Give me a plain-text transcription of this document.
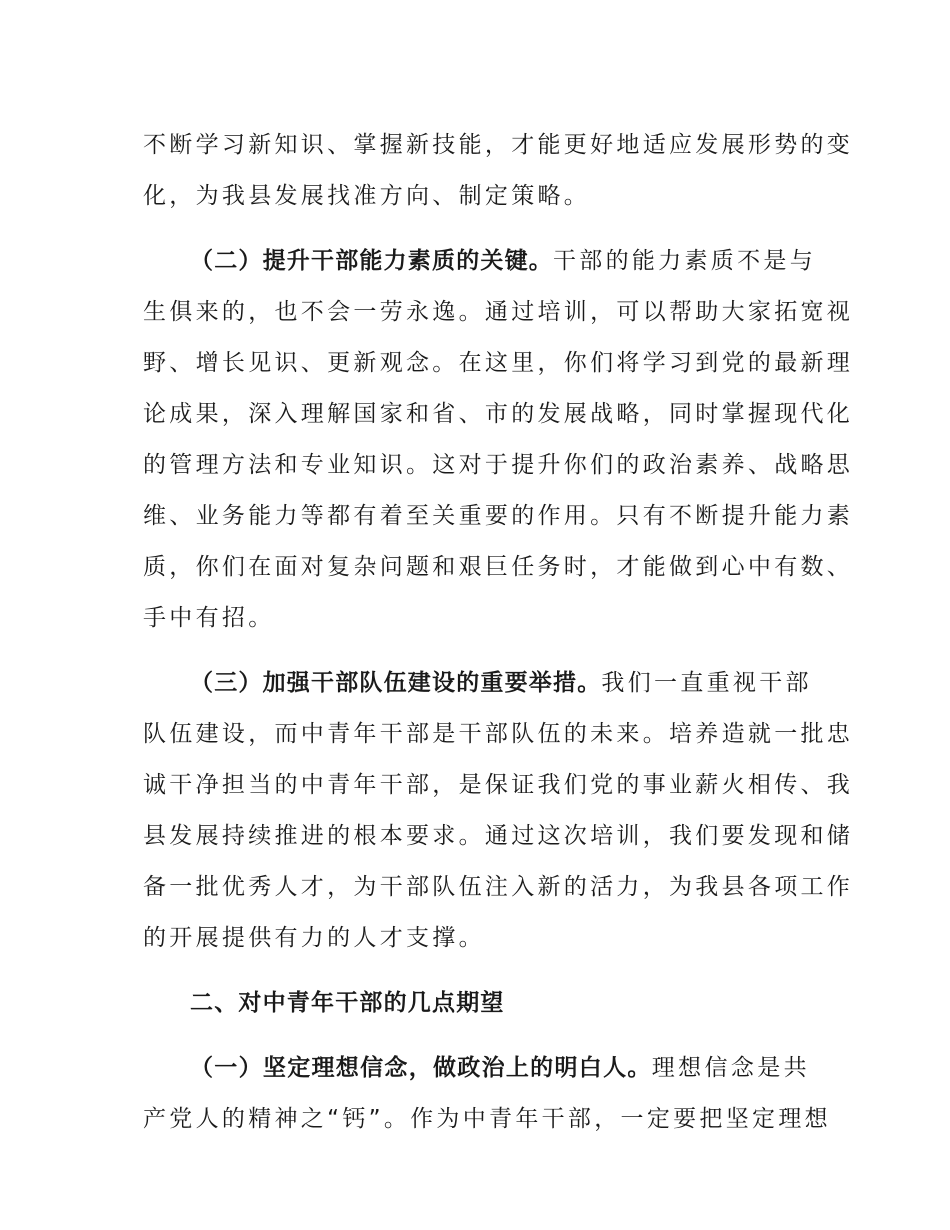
不断学习新知识、掌握新技能，才能更好地适应发展形势的变

化，为我县发展找准方向、制定策略。

（二）提升干部能力素质的关键。干部的能力素质不是与

生俱来的，也不会一劳永逸。通过培训，可以帮助大家拓宽视

野、增长见识、更新观念。在这里，你们将学习到党的最新理

论成果，深入理解国家和省、市的发展战略，同时掌握现代化

的管理方法和专业知识。这对于提升你们的政治素养、战略思

维、业务能力等都有着至关重要的作用。只有不断提升能力素

质，你们在面对复杂问题和艰巨任务时，才能做到心中有数、

手中有招。

（三）加强干部队伍建设的重要举措。我们一直重视干部

队伍建设，而中青年干部是干部队伍的未来。培养造就一批忠

诚干净担当的中青年干部，是保证我们党的事业薪火相传、我

县发展持续推进的根本要求。通过这次培训，我们要发现和储

备一批优秀人才，为干部队伍注入新的活力，为我县各项工作

的开展提供有力的人才支撑。

二、对中青年干部的几点期望

（一）坚定理想信念，做政治上的明白人。理想信念是共

产党人的精神之“钙”。作为中青年干部，一定要把坚定理想
